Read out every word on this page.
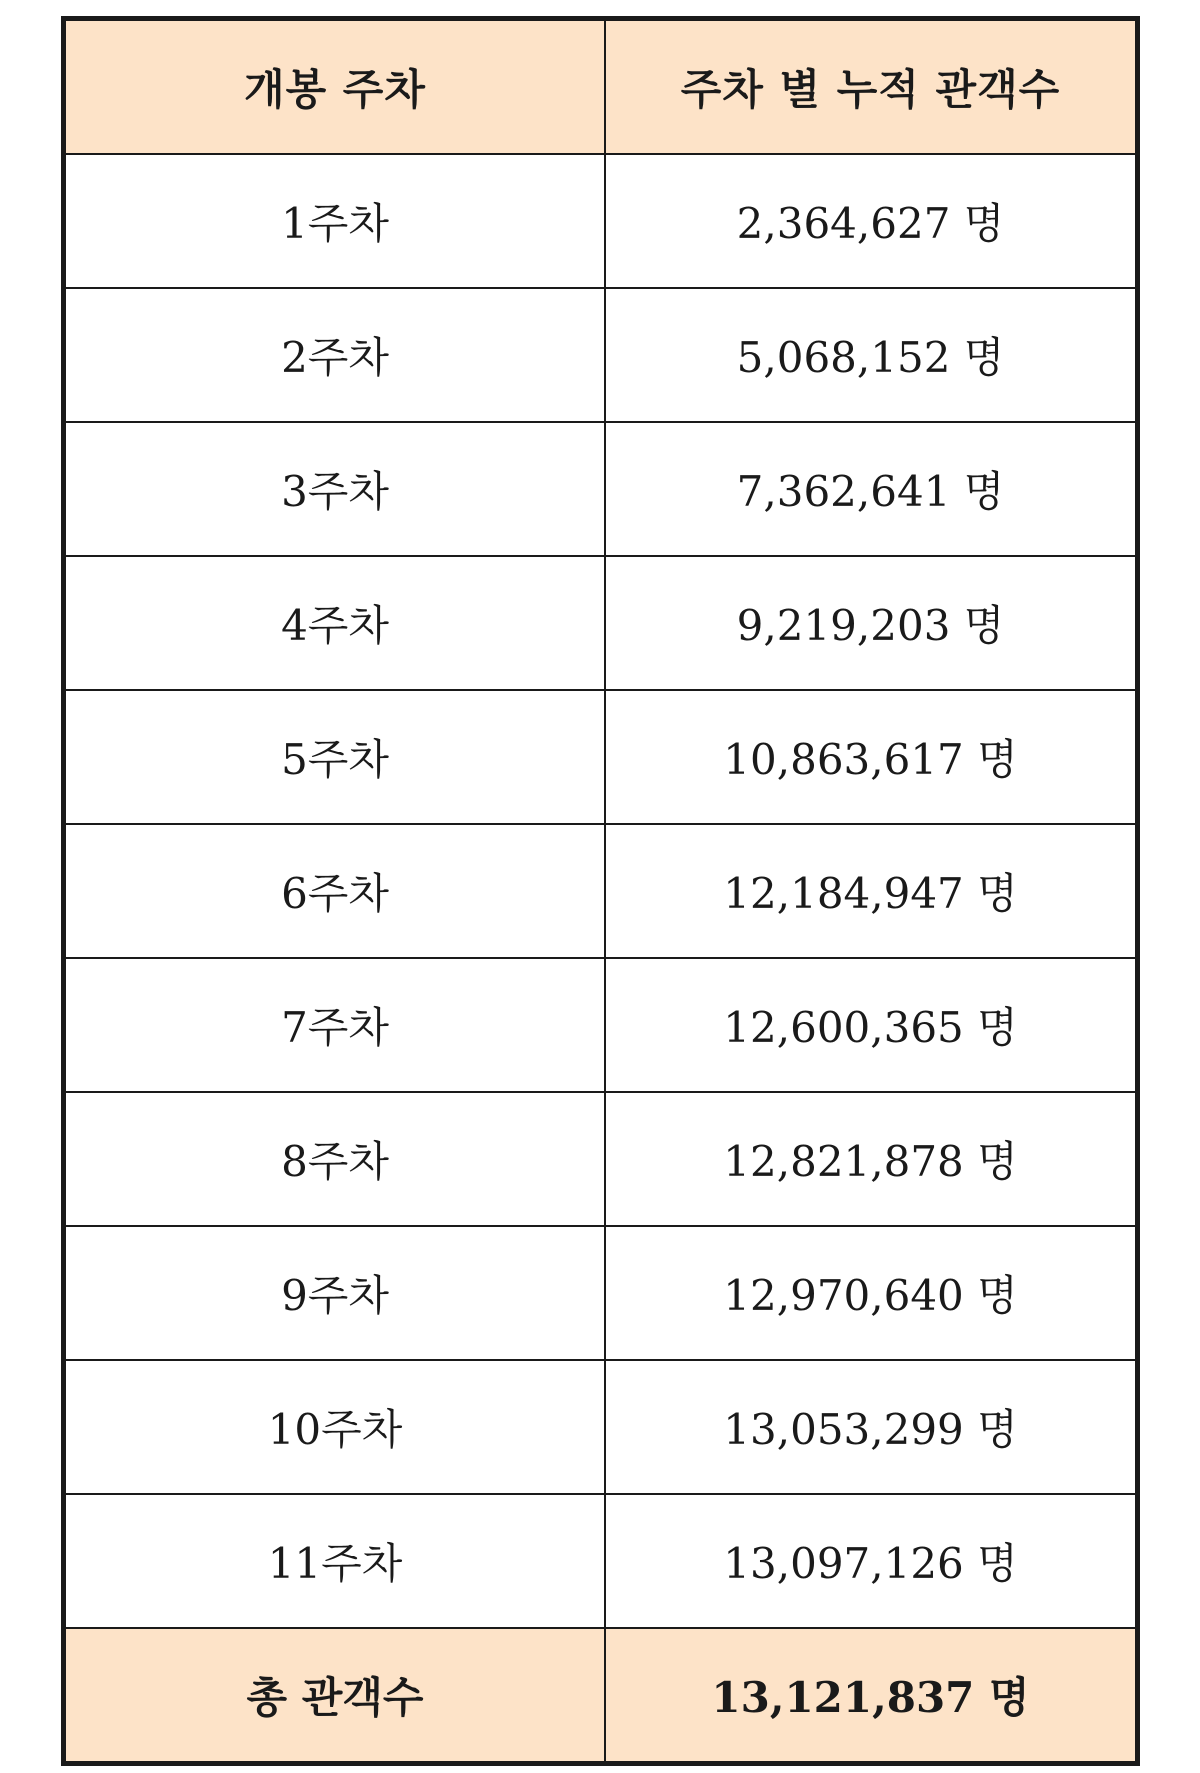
개봉 주차	주차 별 누적 관객수
1주차	2,364,627 명
2주차	5,068,152 명
3주차	7,362,641 명
4주차	9,219,203 명
5주차	10,863,617 명
6주차	12,184,947 명
7주차	12,600,365 명
8주차	12,821,878 명
9주차	12,970,640 명
10주차	13,053,299 명
11주차	13,097,126 명
총 관객수	13,121,837 명
